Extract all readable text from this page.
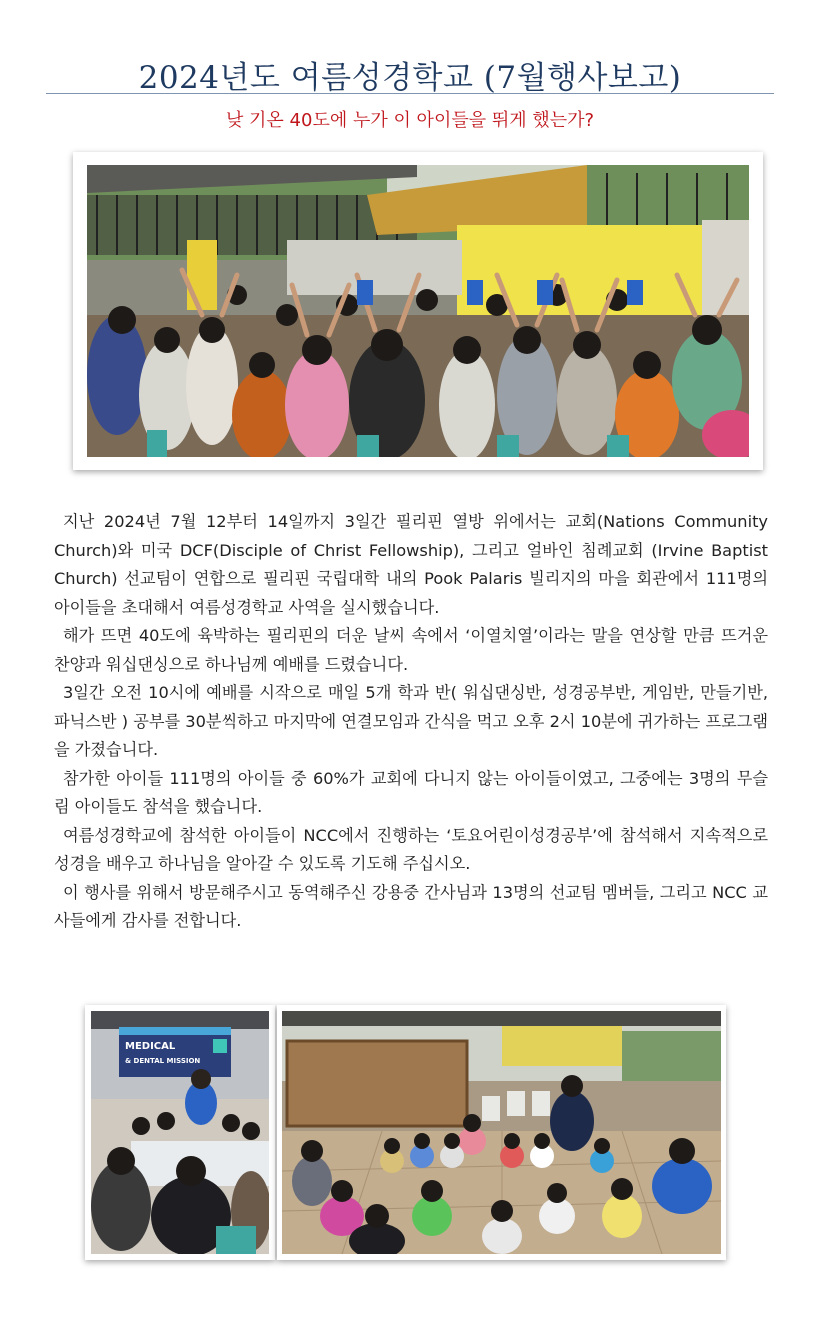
2024년도 여름성경학교 (7월행사보고)
낮 기온 40도에 누가 이 아이들을 뛰게 했는가?

지난 2024년 7월 12부터 14일까지 3일간 필리핀 열방 위에서는 교회(Nations Community Church)와 미국 DCF(Disciple of Christ Fellowship), 그리고 얼바인 침례교회 (Irvine Baptist Church) 선교팀이 연합으로 필리핀 국립대학 내의 Pook Palaris 빌리지의 마을 회관에서 111명의 아이들을 초대해서 여름성경학교 사역을 실시했습니다.

해가 뜨면 40도에 육박하는 필리핀의 더운 날씨 속에서 ‘이열치열’이라는 말을 연상할 만큼 뜨거운 찬양과 워십댄싱으로 하나님께 예배를 드렸습니다.

3일간 오전 10시에 예배를 시작으로 매일 5개 학과 반( 워십댄싱반, 성경공부반, 게임반, 만들기반, 파닉스반 ) 공부를 30분씩하고 마지막에 연결모임과 간식을 먹고 오후 2시 10분에 귀가하는 프로그램을 가졌습니다.

참가한 아이들 111명의 아이들 중 60%가 교회에 다니지 않는 아이들이였고, 그중에는 3명의 무슬림 아이들도 참석을 했습니다.

여름성경학교에 참석한 아이들이 NCC에서 진행하는 ‘토요어린이성경공부’에 참석해서 지속적으로 성경을 배우고 하나님을 알아갈 수 있도록 기도해 주십시오.

이 행사를 위해서 방문해주시고 동역해주신 강용중 간사님과 13명의 선교팀 멤버들, 그리고 NCC 교사들에게 감사를 전합니다.

MEDICAL
& DENTAL MISSION
